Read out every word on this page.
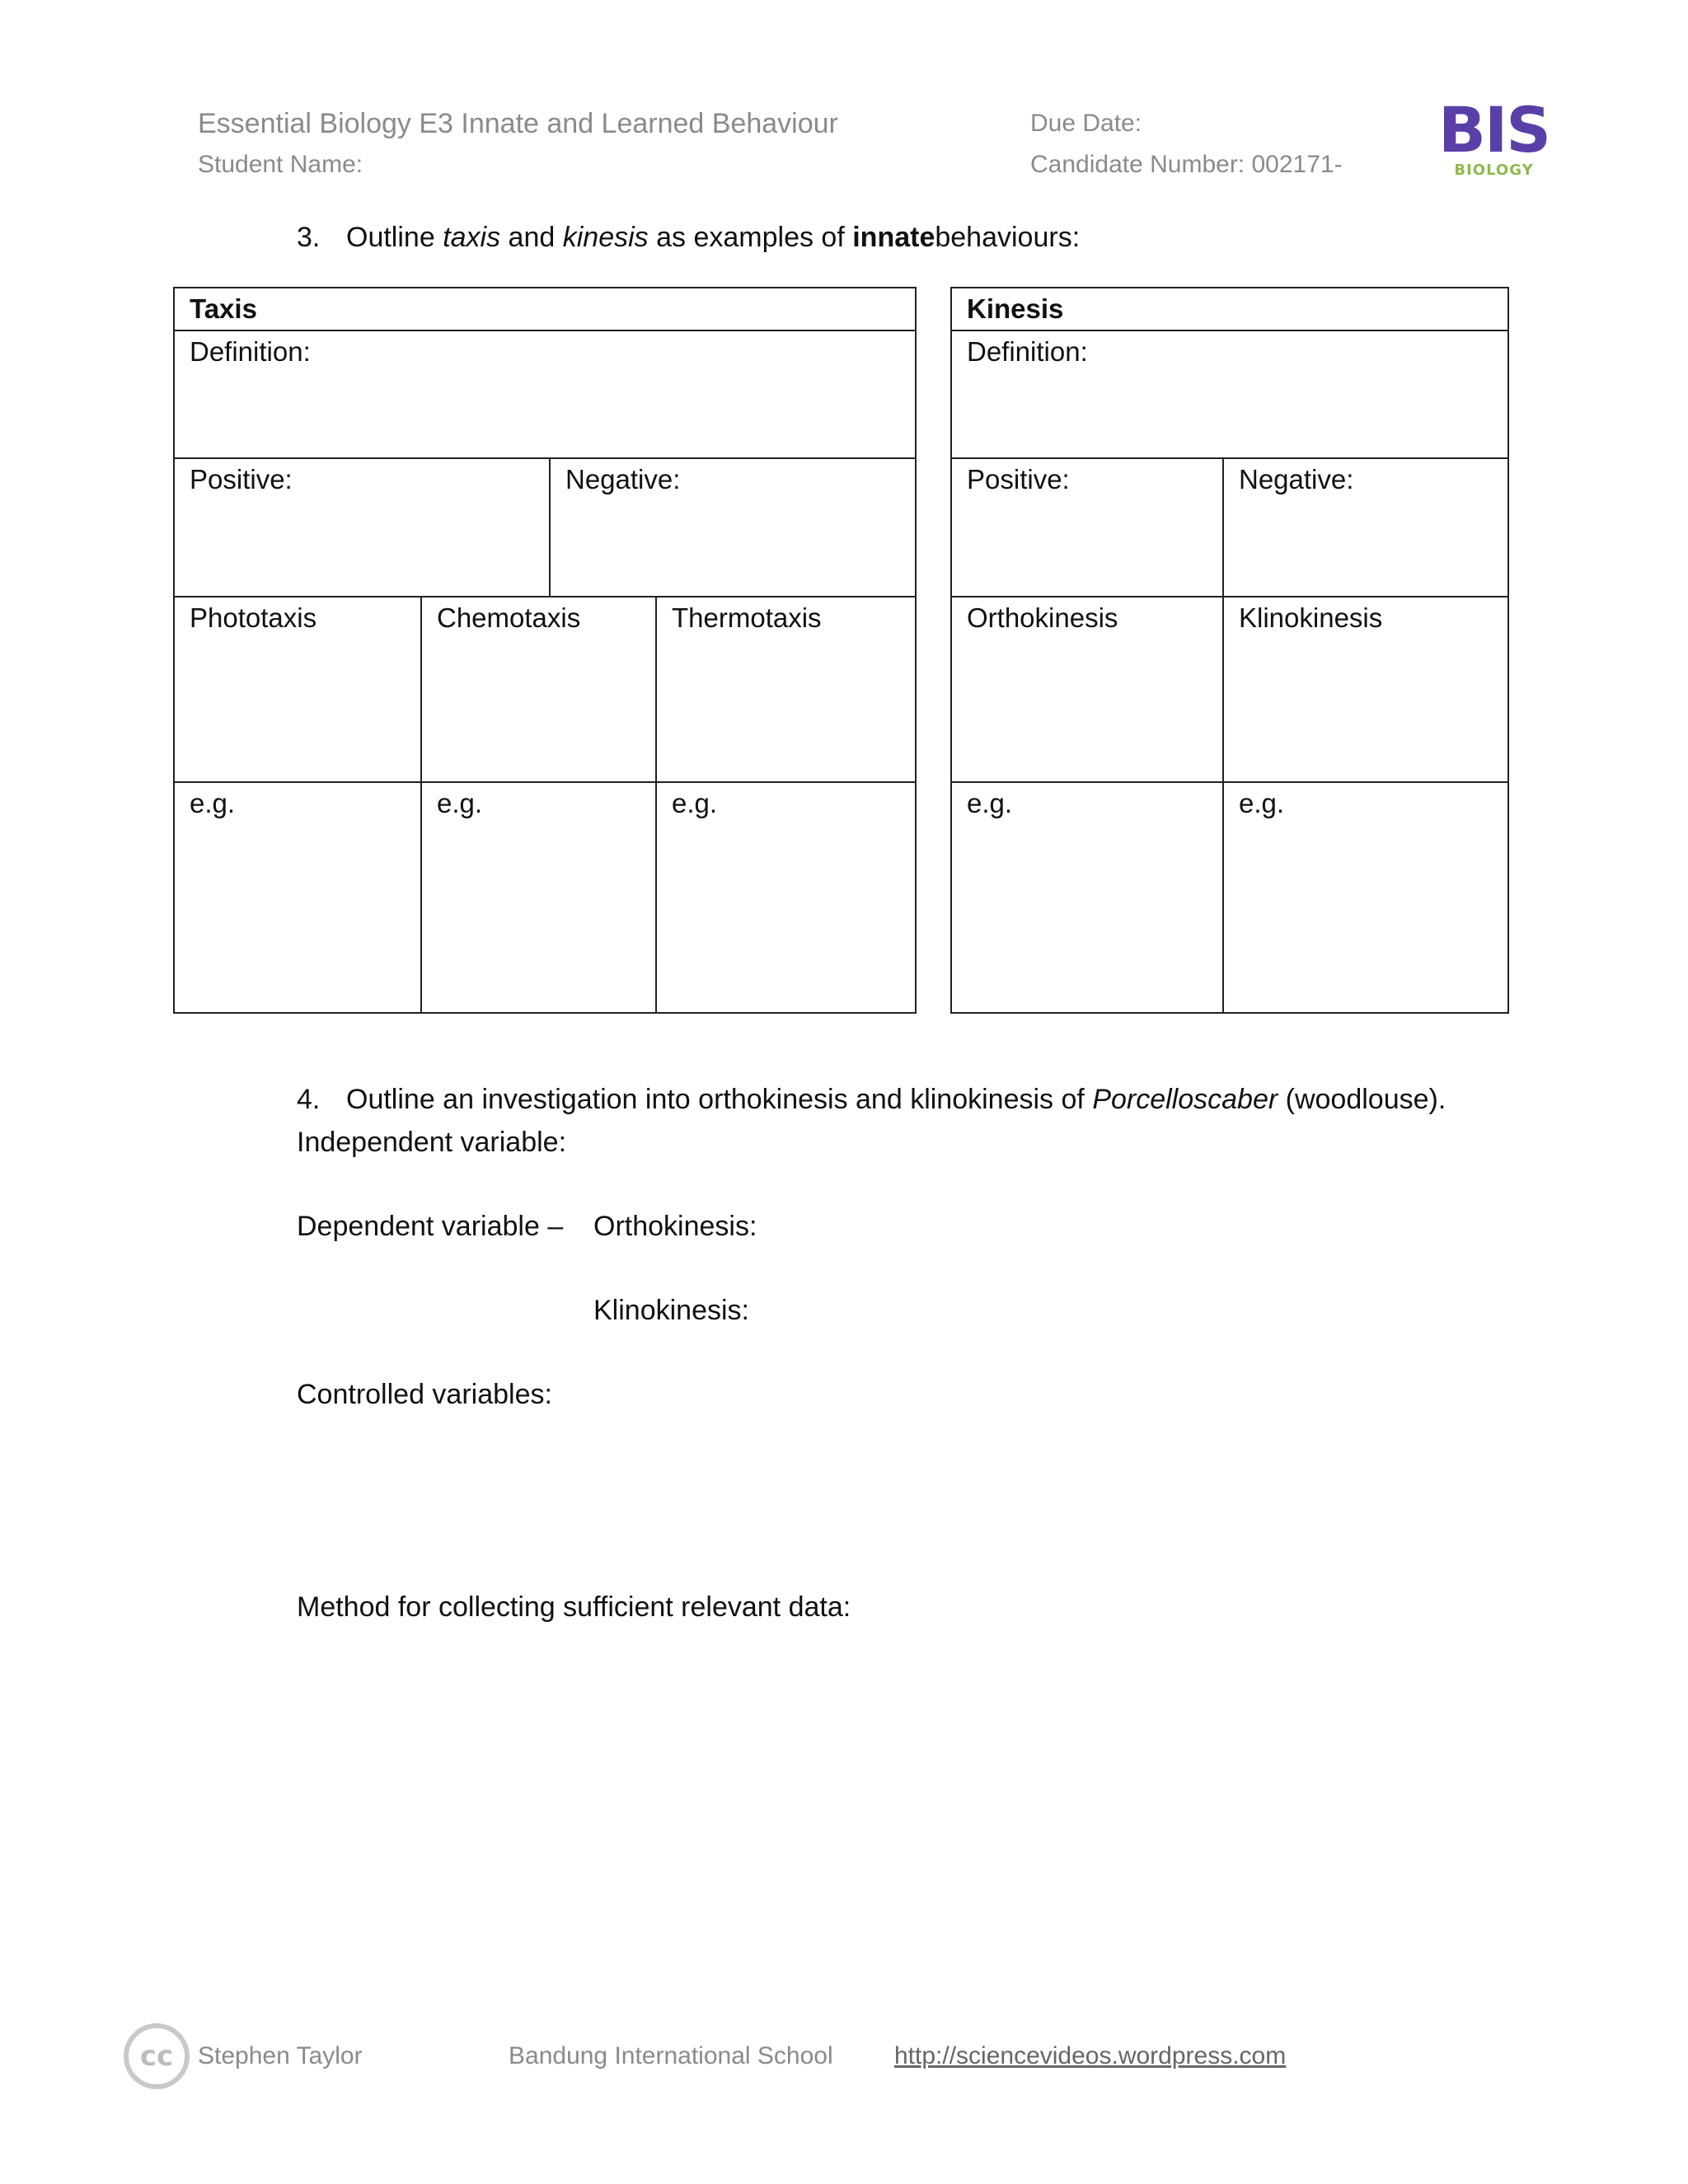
Essential Biology E3 Innate and Learned Behaviour
Student Name:
Due Date:
Candidate Number: 002171- BIS
BIOLOGY
3. Outline taxis and kinesis as examples of innatebehaviours:
Taxis			
Definition:			
Positive:		Negative:	
Phototaxis	Chemotaxis		Thermotaxis
e.g.	e.g.		e.g.
Kinesis	
Definition:	
Positive:	Negative:
Orthokinesis	Klinokinesis
e.g.	e.g.
4. Outline an investigation into orthokinesis and klinokinesis of Porcelloscaber (woodlouse).
Independent variable:
Dependent variable – Orthokinesis:
Klinokinesis:
Controlled variables:
Method for collecting sufficient relevant data:
cc Stephen Taylor	Bandung International School http://sciencevideos.wordpress.com
